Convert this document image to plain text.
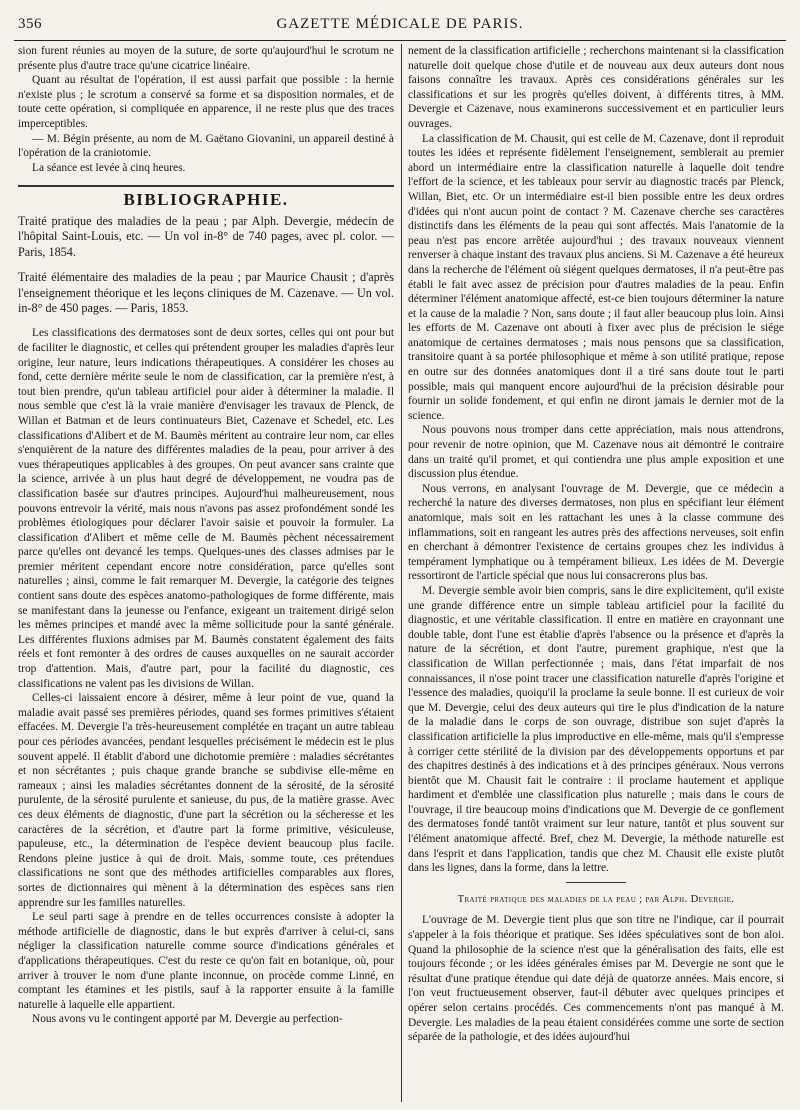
356	GAZETTE MÉDICALE DE PARIS.

sion furent réunies au moyen de la suture, de sorte qu'aujourd'hui le scrotum ne présente plus d'autre trace qu'une cicatrice linéaire.

Quant au résultat de l'opération, il est aussi parfait que possible : la hernie n'existe plus ; le scrotum a conservé sa forme et sa disposition normales, et de toute cette opération, si compliquée en apparence, il ne reste plus que des traces imperceptibles.

— M. Bégin présente, au nom de M. Gaëtano Giovanini, un appareil destiné à l'opération de la craniotomie.

La séance est levée à cinq heures.

BIBLIOGRAPHIE.

Traité pratique des maladies de la peau ; par Alph. Devergie, médecin de l'hôpital Saint-Louis, etc. — Un vol in-8° de 740 pages, avec pl. color. — Paris, 1854.

Traité élémentaire des maladies de la peau ; par Maurice Chausit ; d'après l'enseignement théorique et les leçons cliniques de M. Cazenave. — Un vol. in-8° de 450 pages. — Paris, 1853.

Les classifications des dermatoses sont de deux sortes, celles qui ont pour but de faciliter le diagnostic, et celles qui prétendent grouper les maladies d'après leur origine, leur nature, leurs indications thérapeutiques. A considérer les choses au fond, cette dernière mérite seule le nom de classification, car la première n'est, à tout bien prendre, qu'un tableau artificiel pour aider à déterminer la maladie. Il nous semble que c'est là la vraie manière d'envisager les travaux de Plenck, de Willan et Batman et de leurs continuateurs Biet, Cazenave et Schedel, etc. Les classifications d'Alibert et de M. Baumès méritent au contraire leur nom, car elles s'enquièrent de la nature des différentes maladies de la peau, pour arriver à des vues thérapeutiques applicables à des groupes. On peut avancer sans crainte que la science, arrivée à un plus haut degré de développement, ne voudra pas de classification basée sur d'autres principes. Aujourd'hui malheureusement, nous pouvons entrevoir la vérité, mais nous n'avons pas assez profondément sondé les problèmes étiologiques pour déclarer l'avoir saisie et pouvoir la formuler. La classification d'Alibert et même celle de M. Baumès pèchent nécessairement parce qu'elles ont devancé les temps. Quelques-unes des classes admises par le premier méritent cependant encore notre considération, parce qu'elles sont naturelles ; ainsi, comme le fait remarquer M. Devergie, la catégorie des teignes contient sans doute des espèces anatomo-pathologiques de forme différente, mais se manifestant dans la jeunesse ou l'enfance, exigeant un traitement dirigé selon les mêmes principes et mandé avec la même sollicitude pour la santé générale. Les différentes fluxions admises par M. Baumès constatent également des faits réels et font remonter à des ordres de causes auxquelles on ne saurait accorder trop d'attention. Mais, d'autre part, pour la facilité du diagnostic, ces classifications ne valent pas les divisions de Willan.

Celles-ci laissaient encore à désirer, même à leur point de vue, quand la maladie avait passé ses premières périodes, quand ses formes primitives s'étaient effacées. M. Devergie l'a très-heureusement complétée en traçant un autre tableau pour ces périodes avancées, pendant lesquelles précisément le médecin est le plus souvent appelé. Il établit d'abord une dichotomie première : maladies sécrétantes et non sécrétantes ; puis chaque grande branche se subdivise elle-même en rameaux ; ainsi les maladies sécrétantes donnent de la sérosité, de la sérosité purulente, de la sérosité purulente et sanieuse, du pus, de la matière grasse. Avec ces deux éléments de diagnostic, d'une part la sécrétion ou la sécheresse et les caractères de la sécrétion, et d'autre part la forme primitive, vésiculeuse, papuleuse, etc., la détermination de l'espèce devient beaucoup plus facile. Rendons pleine justice à qui de droit. Mais, somme toute, ces prétendues classifications ne sont que des méthodes artificielles comparables aux flores, sortes de dictionnaires qui mènent à la détermination des espèces sans rien apprendre sur les familles naturelles.

Le seul parti sage à prendre en de telles occurrences consiste à adopter la méthode artificielle de diagnostic, dans le but exprès d'arriver à celui-ci, sans négliger la classification naturelle comme source d'indications générales et d'applications thérapeutiques. C'est du reste ce qu'on fait en botanique, où, pour arriver à trouver le nom d'une plante inconnue, on procède comme Linné, en comptant les étamines et les pistils, sauf à la rapporter ensuite à la famille naturelle à laquelle elle appartient.

Nous avons vu le contingent apporté par M. Devergie au perfection-

nement de la classification artificielle ; recherchons maintenant si la classification naturelle doit quelque chose d'utile et de nouveau aux deux auteurs dont nous faisons connaître les travaux. Après ces considérations générales sur les classifications et sur les progrès qu'elles doivent, à différents titres, à MM. Devergie et Cazenave, nous examinerons successivement et en particulier leurs ouvrages.

La classification de M. Chausit, qui est celle de M. Cazenave, dont il reproduit toutes les idées et représente fidèlement l'enseignement, semblerait au premier abord un intermédiaire entre la classification naturelle à laquelle doit tendre l'effort de la science, et les tableaux pour servir au diagnostic tracés par Plenck, Willan, Biet, etc. Or un intermédiaire est-il bien possible entre les deux ordres d'idées qui n'ont aucun point de contact ? M. Cazenave cherche ses caractères distinctifs dans les éléments de la peau qui sont affectés. Mais l'anatomie de la peau n'est pas encore arrêtée aujourd'hui ; des travaux nouveaux viennent renverser à chaque instant des travaux plus anciens. Si M. Cazenave a été heureux dans la recherche de l'élément où siégent quelques dermatoses, il n'a peut-être pas établi le fait avec assez de précision pour d'autres maladies de la peau. Enfin déterminer l'élément anatomique affecté, est-ce bien toujours déterminer la nature et la cause de la maladie ? Non, sans doute ; il faut aller beaucoup plus loin. Ainsi les efforts de M. Cazenave ont abouti à fixer avec plus de précision le siége anatomique de certaines dermatoses ; mais nous pensons que sa classification, transitoire quant à sa portée philosophique et même à son utilité pratique, repose en outre sur des données anatomiques dont il a tiré sans doute tout le parti possible, mais qui manquent encore aujourd'hui de la précision désirable pour fournir un solide fondement, et qui enfin ne diront jamais le dernier mot de la science.

Nous pouvons nous tromper dans cette appréciation, mais nous attendrons, pour revenir de notre opinion, que M. Cazenave nous ait démontré le contraire dans un traité qu'il promet, et qui contiendra une plus ample exposition et une discussion plus étendue.

Nous verrons, en analysant l'ouvrage de M. Devergie, que ce médecin a recherché la nature des diverses dermatoses, non plus en spécifiant leur élément anatomique, mais soit en les rattachant les unes à la classe commune des inflammations, soit en rangeant les autres près des affections nerveuses, soit enfin en cherchant à démontrer l'existence de certains groupes chez les individus à tempérament lymphatique ou à tempérament bilieux. Les idées de M. Devergie ressortiront de l'article spécial que nous lui consacrerons plus bas.

M. Devergie semble avoir bien compris, sans le dire explicitement, qu'il existe une grande différence entre un simple tableau artificiel pour la facilité du diagnostic, et une véritable classification. Il entre en matière en crayonnant une double table, dont l'une est établie d'après l'absence ou la présence et d'après la nature de la sécrétion, et dont l'autre, purement graphique, n'est que la classification de Willan perfectionnée ; mais, dans l'état imparfait de nos connaissances, il n'ose point tracer une classification naturelle d'après l'origine et l'essence des maladies, quoiqu'il la proclame la seule bonne. Il est curieux de voir que M. Devergie, celui des deux auteurs qui tire le plus d'indication de la nature de la maladie dans le corps de son ouvrage, distribue son sujet d'après la classification artificielle la plus improductive en elle-même, mais qu'il s'empresse à corriger cette stérilité de la division par des développements opportuns et par des chapitres destinés à des indications et à des principes généraux. Nous verrons bientôt que M. Chausit fait le contraire : il proclame hautement et applique hardiment et d'emblée une classification plus naturelle ; mais dans le cours de l'ouvrage, il tire beaucoup moins d'indications que M. Devergie de ce gonflement des dermatoses fondé tantôt vraiment sur leur nature, tantôt et plus souvent sur l'élément anatomique affecté. Bref, chez M. Devergie, la méthode naturelle est dans l'esprit et dans l'application, tandis que chez M. Chausit elle existe plutôt dans les lignes, dans la forme, dans la lettre.

Traité pratique des maladies de la peau ; par Alph. Devergie.

L'ouvrage de M. Devergie tient plus que son titre ne l'indique, car il pourrait s'appeler à la fois théorique et pratique. Ses idées spéculatives sont de bon aloi. Quand la philosophie de la science n'est que la généralisation des faits, elle est toujours féconde ; or les idées générales émises par M. Devergie ne sont que le résultat d'une pratique étendue qui date déjà de quatorze années. Mais encore, si l'on veut fructueusement observer, faut-il débuter avec quelques principes et opérer selon certains procédés. Ces commencements n'ont pas manqué à M. Devergie. Les maladies de la peau étaient considérées comme une sorte de section séparée de la pathologie, et des idées aujourd'hui
